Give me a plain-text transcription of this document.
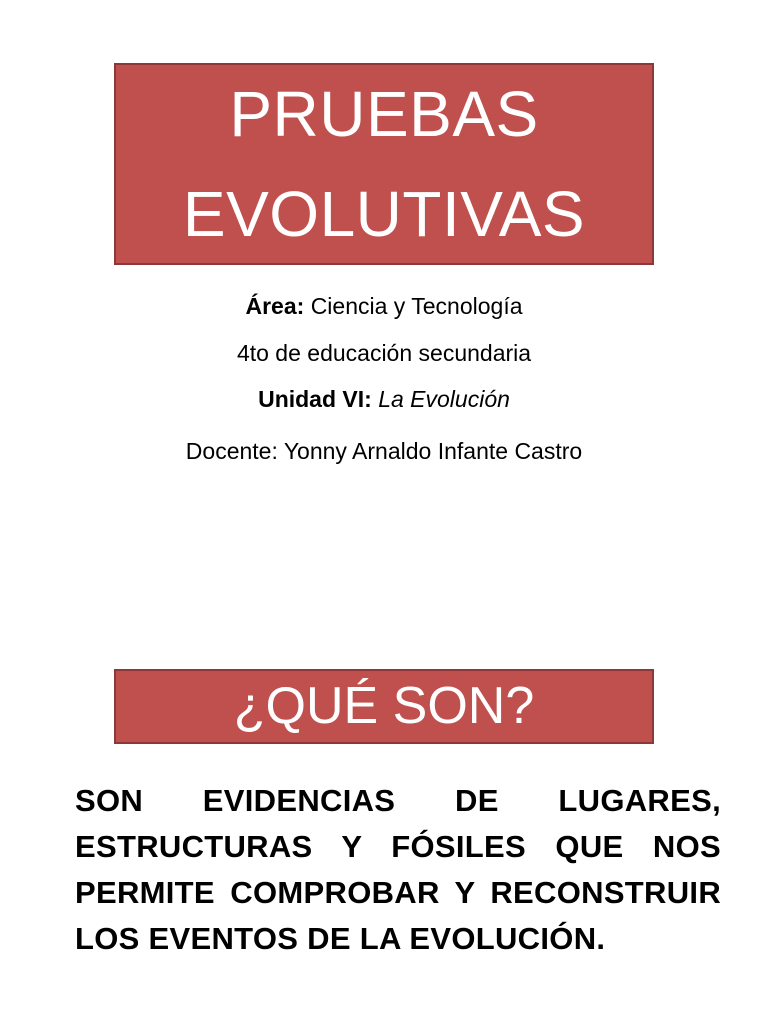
PRUEBAS
EVOLUTIVAS
Área: Ciencia y Tecnología
4to de educación secundaria
Unidad VI: La Evolución
Docente: Yonny Arnaldo Infante Castro
¿QUÉ SON?
SON EVIDENCIAS DE LUGARES, ESTRUCTURAS Y FÓSILES QUE NOS PERMITE COMPROBAR Y RECONSTRUIR LOS EVENTOS DE LA EVOLUCIÓN.
